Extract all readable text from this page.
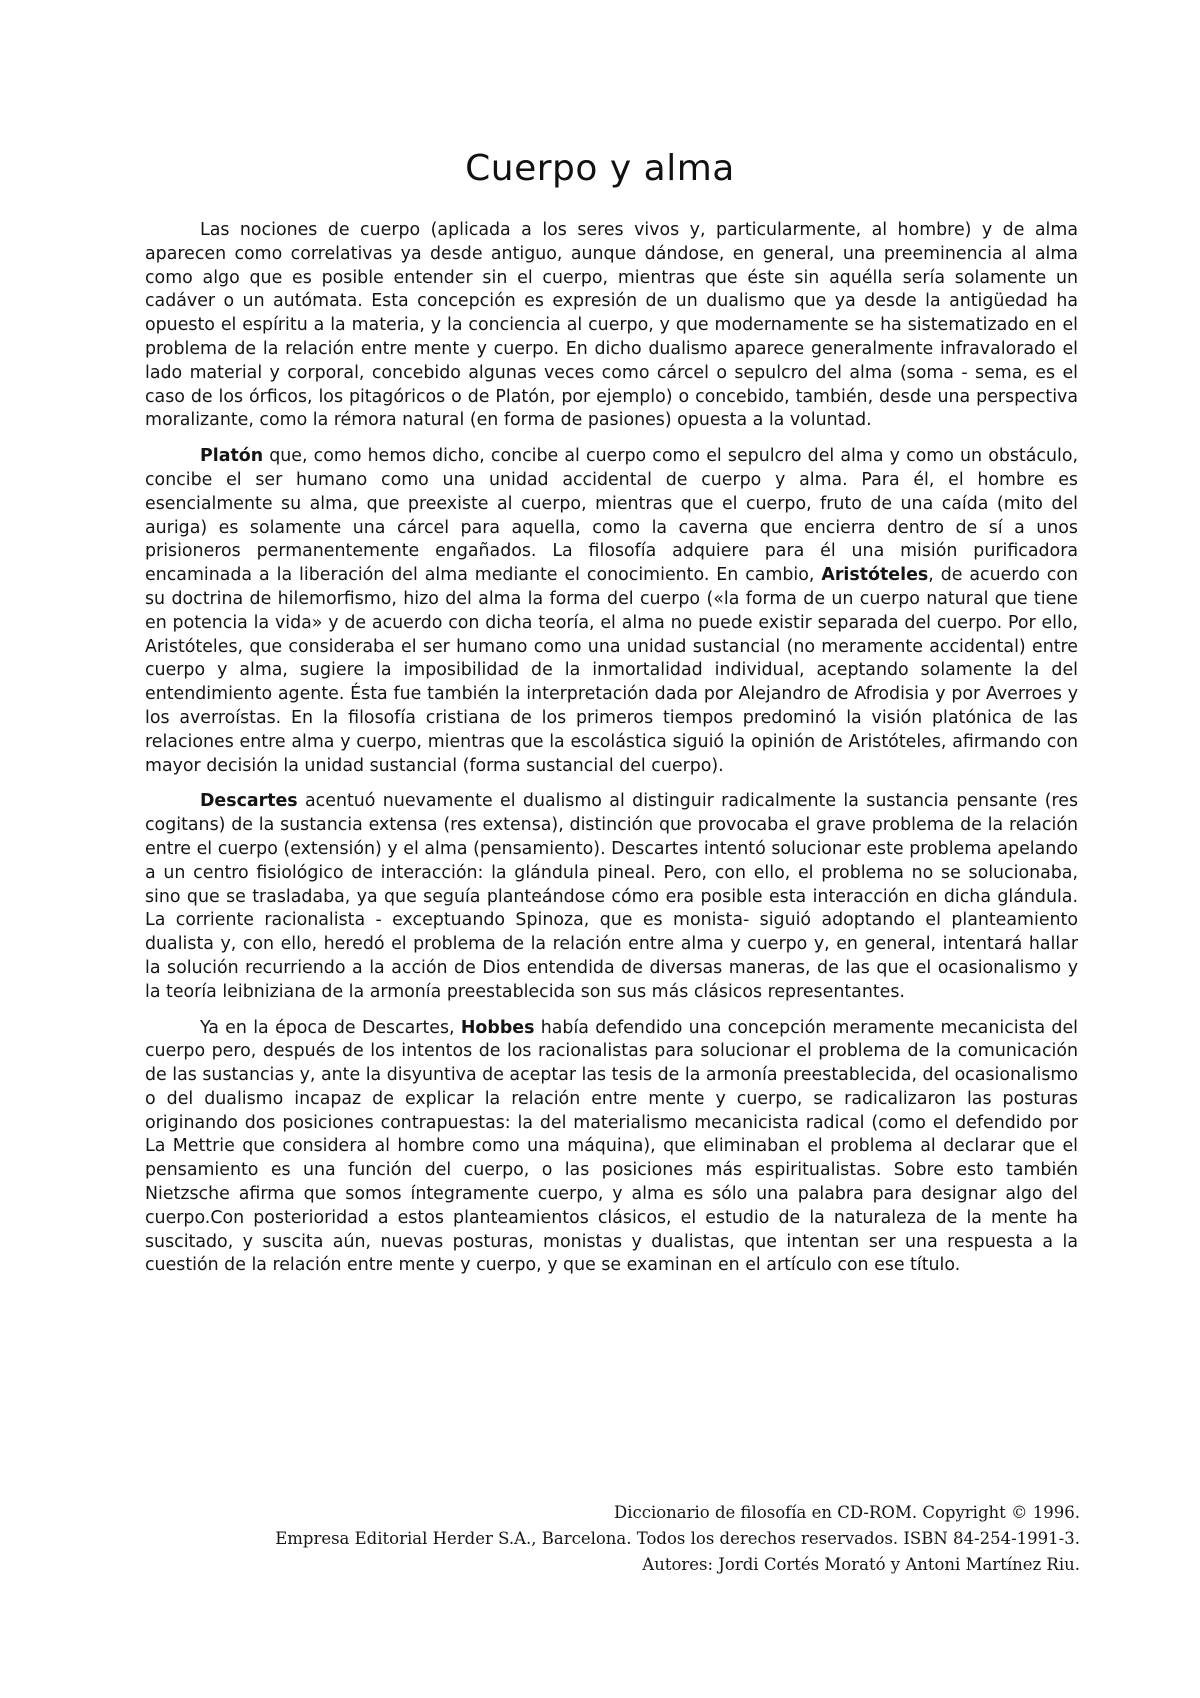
Cuerpo y alma

Las nociones de cuerpo (aplicada a los seres vivos y, particularmente, al hombre) y de alma aparecen como correlativas ya desde antiguo, aunque dándose, en general, una preeminencia al alma como algo que es posible entender sin el cuerpo, mientras que éste sin aquélla sería solamente un cadáver o un autómata. Esta concepción es expresión de un dualismo que ya desde la antigüedad ha opuesto el espíritu a la materia, y la conciencia al cuerpo, y que modernamente se ha sistematizado en el problema de la relación entre mente y cuerpo. En dicho dualismo aparece generalmente infravalorado el lado material y corporal, concebido algunas veces como cárcel o sepulcro del alma (soma - sema, es el caso de los órficos, los pitagóricos o de Platón, por ejemplo) o concebido, también, desde una perspectiva moralizante, como la rémora natural (en forma de pasiones) opuesta a la voluntad.

Platón que, como hemos dicho, concibe al cuerpo como el sepulcro del alma y como un obstáculo, concibe el ser humano como una unidad accidental de cuerpo y alma. Para él, el hombre es esencialmente su alma, que preexiste al cuerpo, mientras que el cuerpo, fruto de una caída (mito del auriga) es solamente una cárcel para aquella, como la caverna que encierra dentro de sí a unos prisioneros permanentemente engañados. La filosofía adquiere para él una misión purificadora encaminada a la liberación del alma mediante el conocimiento. En cambio, Aristóteles, de acuerdo con su doctrina de hilemorfismo, hizo del alma la forma del cuerpo («la forma de un cuerpo natural que tiene en potencia la vida» y de acuerdo con dicha teoría, el alma no puede existir separada del cuerpo. Por ello, Aristóteles, que consideraba el ser humano como una unidad sustancial (no meramente accidental) entre cuerpo y alma, sugiere la imposibilidad de la inmortalidad individual, aceptando solamente la del entendimiento agente. Ésta fue también la interpretación dada por Alejandro de Afrodisia y por Averroes y los averroístas. En la filosofía cristiana de los primeros tiempos predominó la visión platónica de las relaciones entre alma y cuerpo, mientras que la escolástica siguió la opinión de Aristóteles, afirmando con mayor decisión la unidad sustancial (forma sustancial del cuerpo).

Descartes acentuó nuevamente el dualismo al distinguir radicalmente la sustancia pensante (res cogitans) de la sustancia extensa (res extensa), distinción que provocaba el grave problema de la relación entre el cuerpo (extensión) y el alma (pensamiento). Descartes intentó solucionar este problema apelando a un centro fisiológico de interacción: la glándula pineal. Pero, con ello, el problema no se solucionaba, sino que se trasladaba, ya que seguía planteándose cómo era posible esta interacción en dicha glándula. La corriente racionalista - exceptuando Spinoza, que es monista- siguió adoptando el planteamiento dualista y, con ello, heredó el problema de la relación entre alma y cuerpo y, en general, intentará hallar la solución recurriendo a la acción de Dios entendida de diversas maneras, de las que el ocasionalismo y la teoría leibniziana de la armonía preestablecida son sus más clásicos representantes.

Ya en la época de Descartes, Hobbes había defendido una concepción meramente mecanicista del cuerpo pero, después de los intentos de los racionalistas para solucionar el problema de la comunicación de las sustancias y, ante la disyuntiva de aceptar las tesis de la armonía preestablecida, del ocasionalismo o del dualismo incapaz de explicar la relación entre mente y cuerpo, se radicalizaron las posturas originando dos posiciones contrapuestas: la del materialismo mecanicista radical (como el defendido por La Mettrie que considera al hombre como una máquina), que eliminaban el problema al declarar que el pensamiento es una función del cuerpo, o las posiciones más espiritualistas. Sobre esto también Nietzsche afirma que somos íntegramente cuerpo, y alma es sólo una palabra para designar algo del cuerpo.Con posterioridad a estos planteamientos clásicos, el estudio de la naturaleza de la mente ha suscitado, y suscita aún, nuevas posturas, monistas y dualistas, que intentan ser una respuesta a la cuestión de la relación entre mente y cuerpo, y que se examinan en el artículo con ese título.

Diccionario de filosofía en CD-ROM. Copyright © 1996.
Empresa Editorial Herder S.A., Barcelona. Todos los derechos reservados. ISBN 84-254-1991-3.
Autores: Jordi Cortés Morató y Antoni Martínez Riu.
